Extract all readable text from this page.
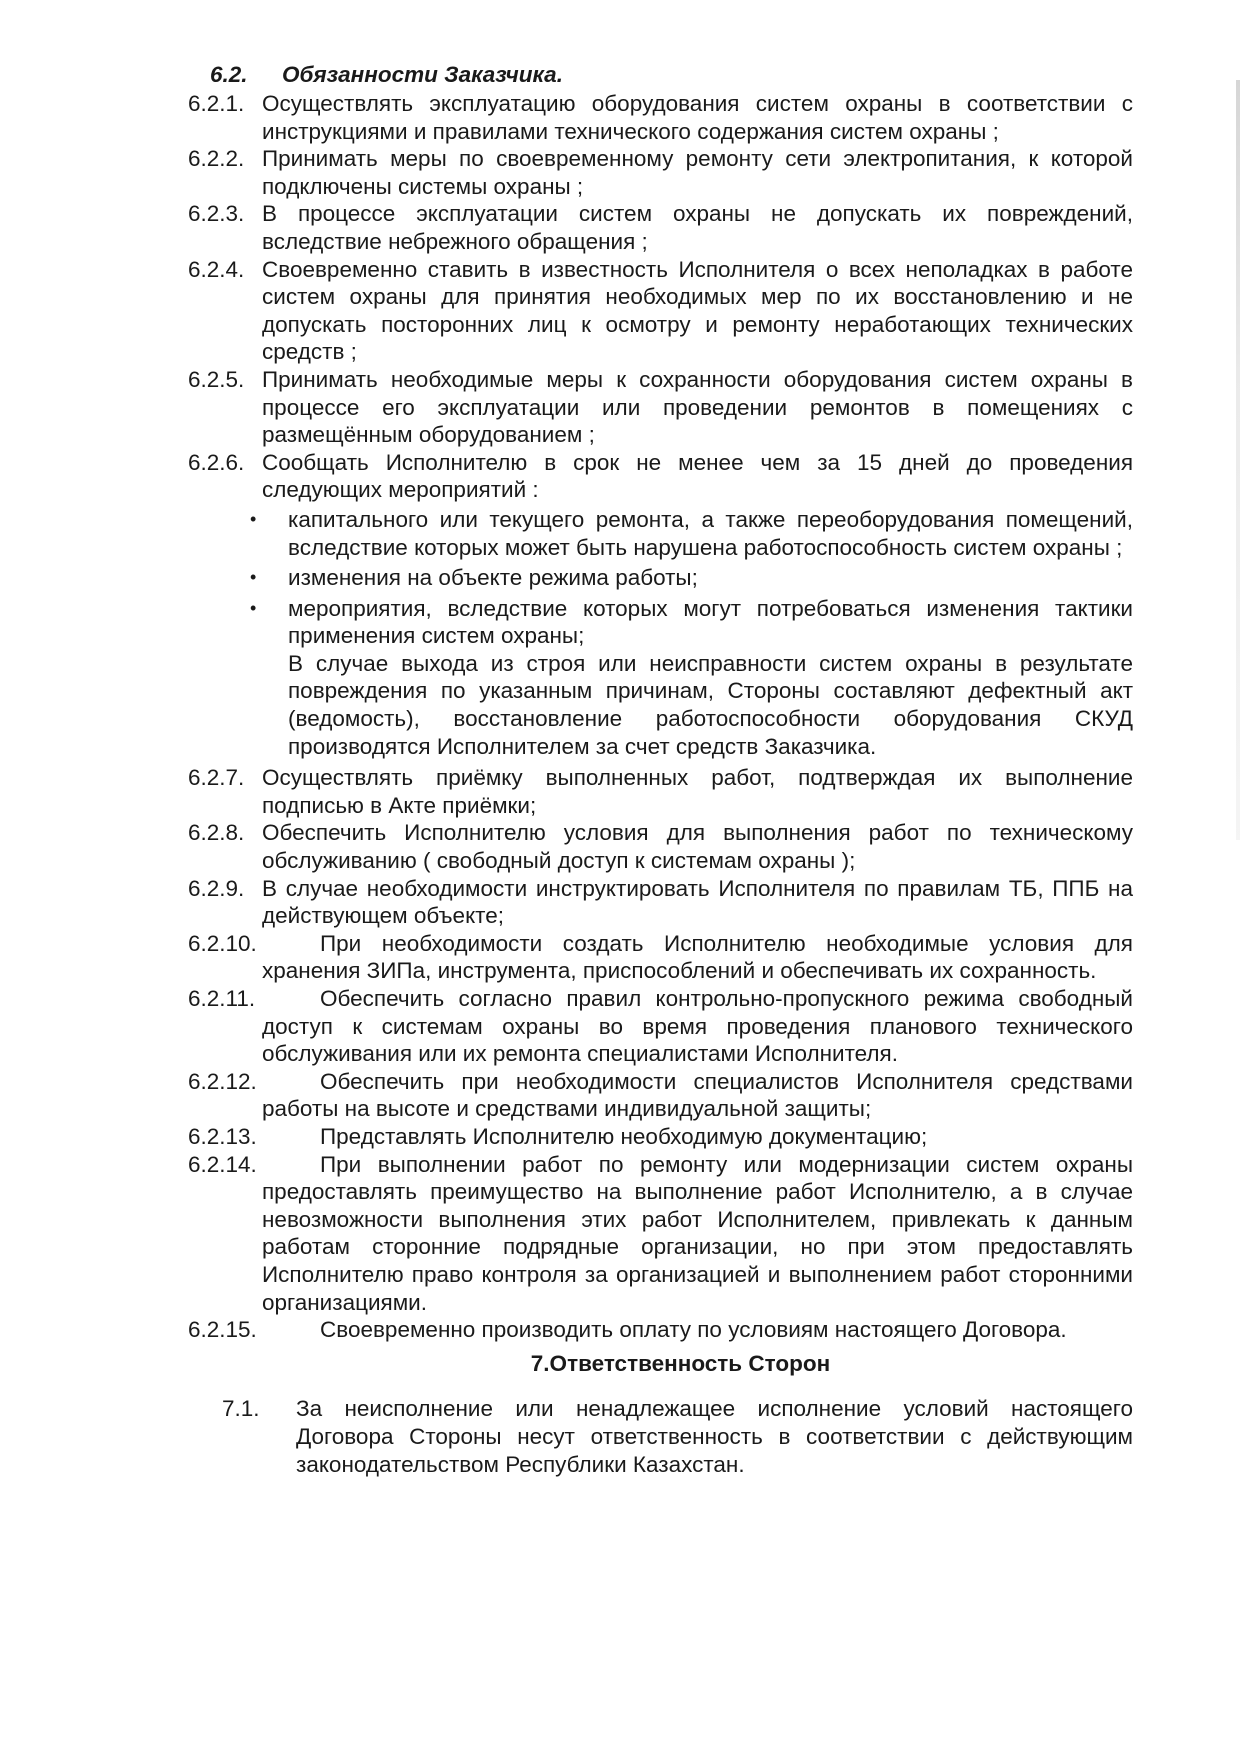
6.2. Обязанности Заказчика.
6.2.1. Осуществлять эксплуатацию оборудования систем охраны в соответствии с инструкциями и правилами технического содержания систем охраны ;
6.2.2. Принимать меры по своевременному ремонту сети электропитания, к которой подключены системы охраны ;
6.2.3. В процессе эксплуатации систем охраны не допускать их повреждений, вследствие небрежного обращения ;
6.2.4. Своевременно ставить в известность Исполнителя о всех неполадках в работе систем охраны для принятия необходимых мер по их восстановлению и не допускать посторонних лиц к осмотру и ремонту неработающих технических средств ;
6.2.5. Принимать необходимые меры к сохранности оборудования систем охраны в процессе его эксплуатации или проведении ремонтов в помещениях с размещённым оборудованием ;
6.2.6. Сообщать Исполнителю в срок не менее чем за 15 дней до проведения следующих мероприятий :
•	капитального или текущего ремонта, а также переоборудования помещений, вследствие которых может быть нарушена работоспособность систем охраны ;
•	изменения на объекте режима работы;
•	мероприятия, вследствие которых могут потребоваться изменения тактики применения систем охраны;
В случае выхода из строя или неисправности систем охраны в результате повреждения по указанным причинам, Стороны составляют дефектный акт (ведомость), восстановление работоспособности оборудования СКУД производятся Исполнителем за счет средств Заказчика.
6.2.7. Осуществлять приёмку выполненных работ, подтверждая их выполнение подписью в Акте приёмки;
6.2.8. Обеспечить Исполнителю условия для выполнения работ по техническому обслуживанию ( свободный доступ к системам охраны );
6.2.9. В случае необходимости инструктировать Исполнителя по правилам ТБ, ППБ на действующем объекте;
6.2.10.	При необходимости создать Исполнителю необходимые условия для хранения ЗИПа, инструмента, приспособлений и обеспечивать их сохранность.
6.2.11.	Обеспечить согласно правил контрольно-пропускного режима свободный доступ к системам охраны во время проведения планового технического обслуживания или их ремонта специалистами Исполнителя.
6.2.12.	Обеспечить при необходимости специалистов Исполнителя средствами работы на высоте и средствами индивидуальной защиты;
6.2.13.	Представлять Исполнителю необходимую документацию;
6.2.14.	При выполнении работ по ремонту или модернизации систем охраны предоставлять преимущество на выполнение работ Исполнителю, а в случае невозможности выполнения этих работ Исполнителем, привлекать к данным работам сторонние подрядные организации, но при этом предоставлять Исполнителю право контроля за организацией и выполнением работ сторонними организациями.
6.2.15.	Своевременно производить оплату по условиям настоящего Договора.
7.Ответственность Сторон
7.1.	За неисполнение или ненадлежащее исполнение условий настоящего Договора Стороны несут ответственность в соответствии с действующим законодательством Республики Казахстан.
